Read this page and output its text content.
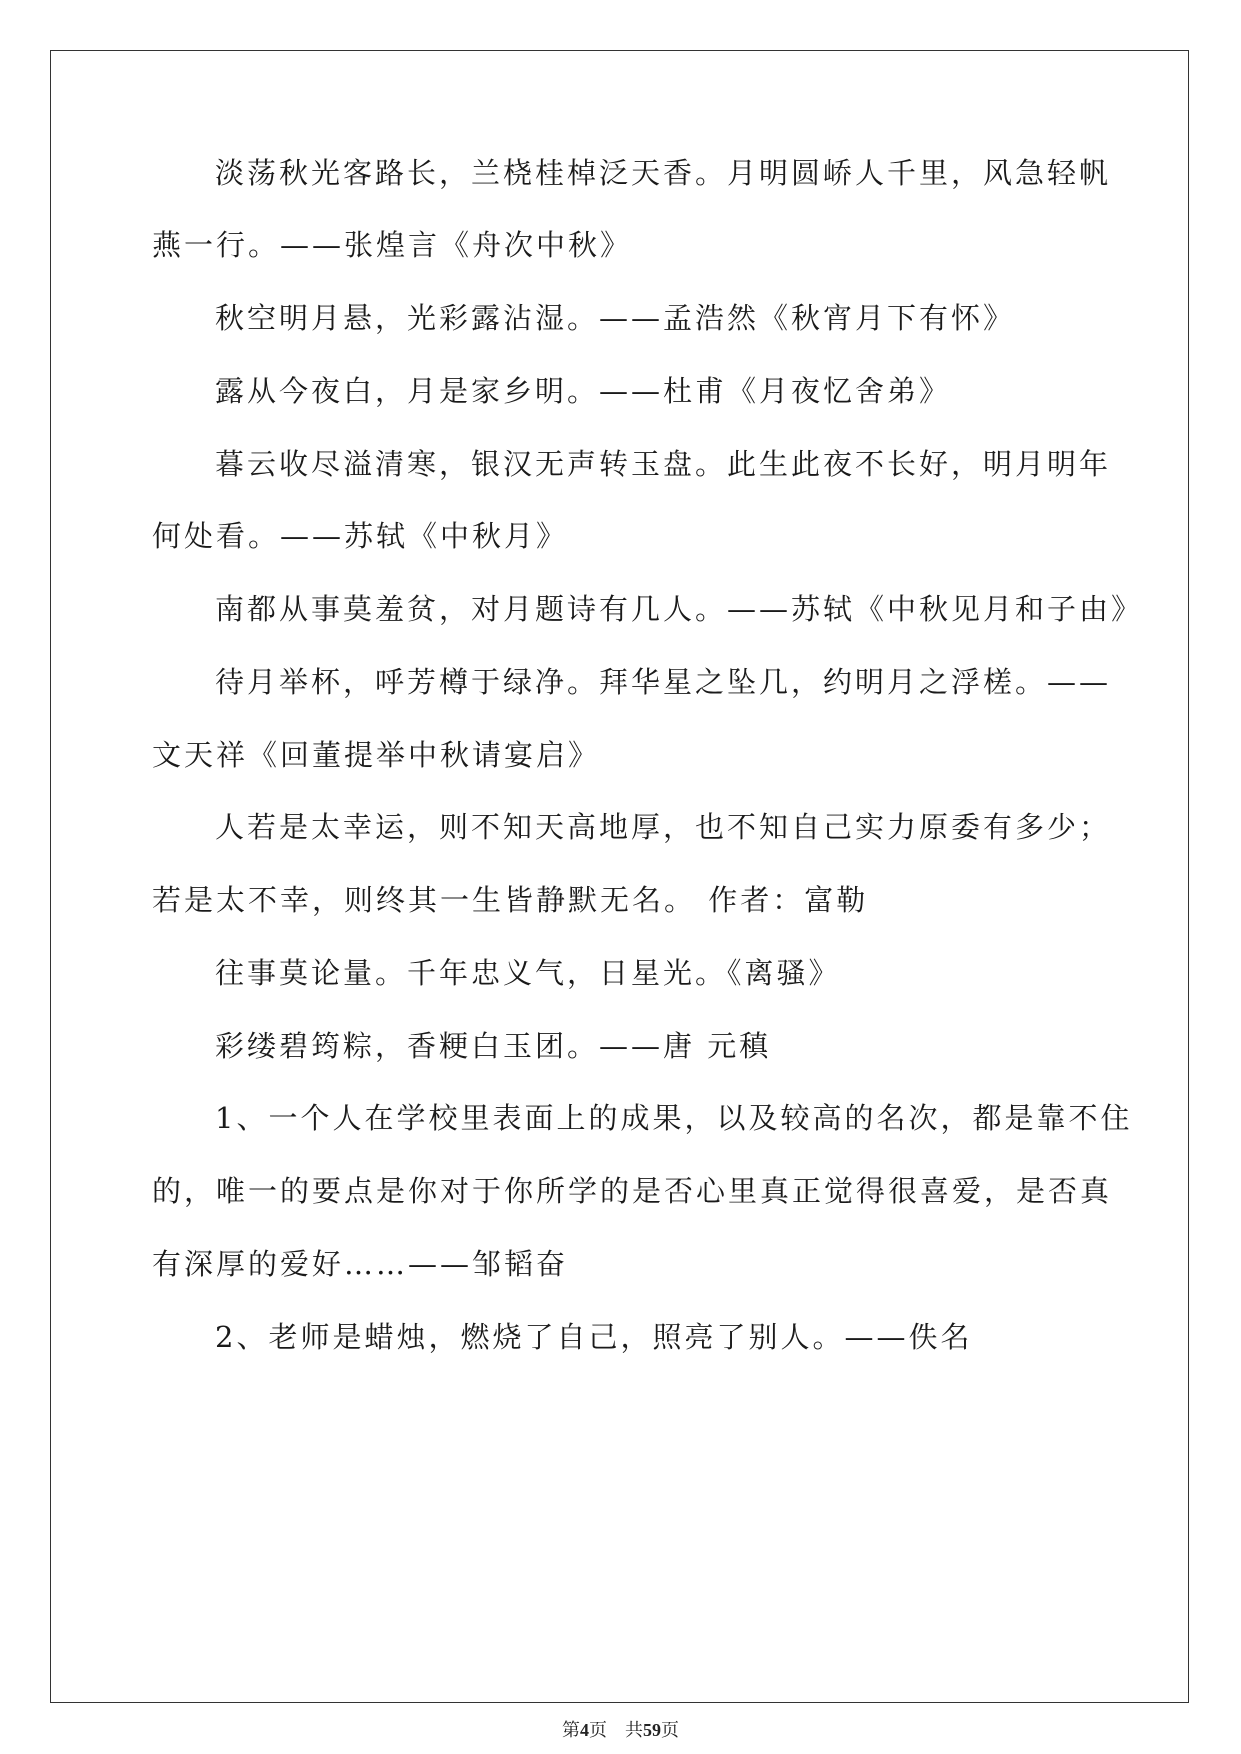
淡荡秋光客路长，兰桡桂棹泛天香。月明圆峤人千里，风急轻帆
燕一行。——张煌言《舟次中秋》
秋空明月悬，光彩露沾湿。——孟浩然《秋宵月下有怀》
露从今夜白，月是家乡明。——杜甫《月夜忆舍弟》
暮云收尽溢清寒，银汉无声转玉盘。此生此夜不长好，明月明年
何处看。——苏轼《中秋月》
南都从事莫羞贫，对月题诗有几人。——苏轼《中秋见月和子由》
待月举杯，呼芳樽于绿净。拜华星之坠几，约明月之浮槎。——
文天祥《回董提举中秋请宴启》
人若是太幸运，则不知天高地厚，也不知自己实力原委有多少；
若是太不幸，则终其一生皆静默无名。 作者：富勒
往事莫论量。千年忠义气，日星光。《离骚》
彩缕碧筠粽，香粳白玉团。——唐 元稹
1、一个人在学校里表面上的成果，以及较高的名次，都是靠不住
的，唯一的要点是你对于你所学的是否心里真正觉得很喜爱，是否真
有深厚的爱好……——邹韬奋
2、老师是蜡烛，燃烧了自己，照亮了别人。——佚名
第4页 共59页
